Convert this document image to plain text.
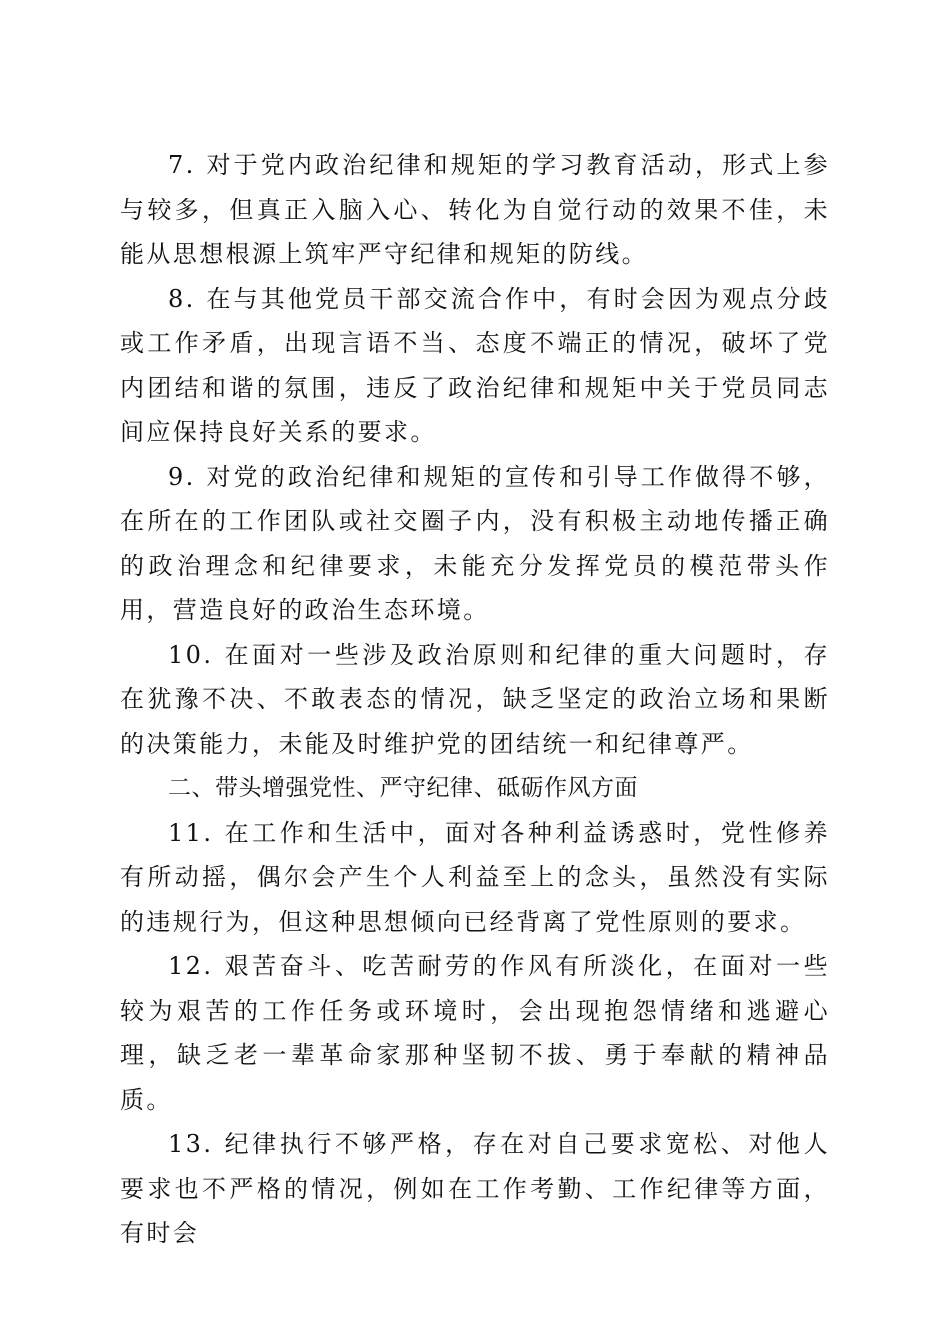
7. 对于党内政治纪律和规矩的学习教育活动，形式上参与较多，但真正入脑入心、转化为自觉行动的效果不佳，未能从思想根源上筑牢严守纪律和规矩的防线。

8. 在与其他党员干部交流合作中，有时会因为观点分歧或工作矛盾，出现言语不当、态度不端正的情况，破坏了党内团结和谐的氛围，违反了政治纪律和规矩中关于党员同志间应保持良好关系的要求。

9. 对党的政治纪律和规矩的宣传和引导工作做得不够，在所在的工作团队或社交圈子内，没有积极主动地传播正确的政治理念和纪律要求，未能充分发挥党员的模范带头作用，营造良好的政治生态环境。

10. 在面对一些涉及政治原则和纪律的重大问题时，存在犹豫不决、不敢表态的情况，缺乏坚定的政治立场和果断的决策能力，未能及时维护党的团结统一和纪律尊严。

二、带头增强党性、严守纪律、砥砺作风方面

11. 在工作和生活中，面对各种利益诱惑时，党性修养有所动摇，偶尔会产生个人利益至上的念头，虽然没有实际的违规行为，但这种思想倾向已经背离了党性原则的要求。

12. 艰苦奋斗、吃苦耐劳的作风有所淡化，在面对一些较为艰苦的工作任务或环境时，会出现抱怨情绪和逃避心理，缺乏老一辈革命家那种坚韧不拔、勇于奉献的精神品质。

13. 纪律执行不够严格，存在对自己要求宽松、对他人要求也不严格的情况，例如在工作考勤、工作纪律等方面，有时会
